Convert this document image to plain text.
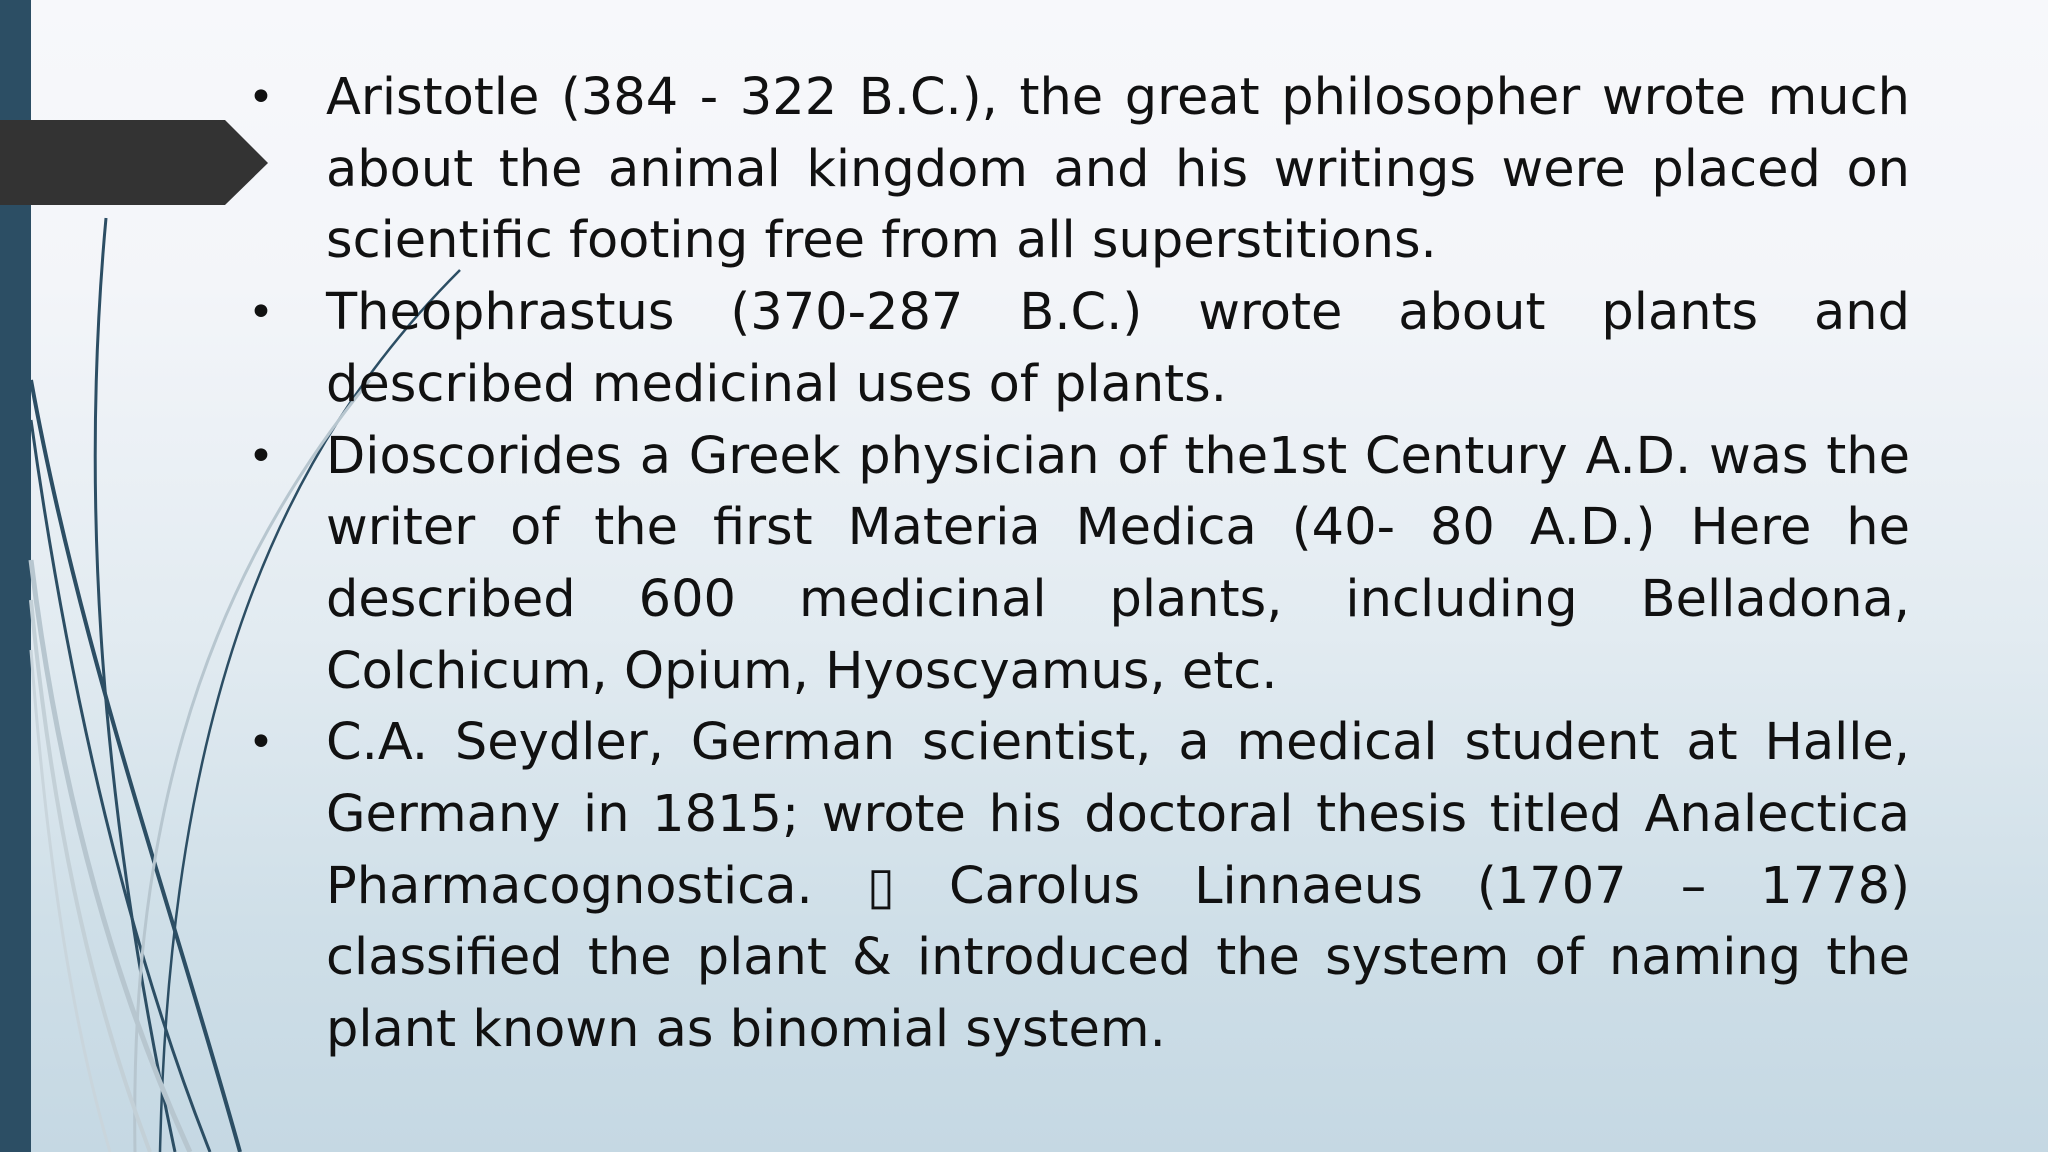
• Aristotle (384 - 322 B.C.), the great philosopher wrote much about the animal kingdom and his writings were placed on scientific footing free from all superstitions.
• Theophrastus (370-287 B.C.) wrote about plants and described medicinal uses of plants.
• Dioscorides a Greek physician of the1st Century A.D. was the writer of the first Materia Medica (40- 80 A.D.) Here he described 600 medicinal plants, including Belladona, Colchicum, Opium, Hyoscyamus, etc.
• C.A. Seydler, German scientist, a medical student at Halle, Germany in 1815; wrote his doctoral thesis titled Analectica Pharmacognostica. ▯ Carolus Linnaeus (1707 – 1778) classified the plant & introduced the system of naming the plant known as binomial system.
